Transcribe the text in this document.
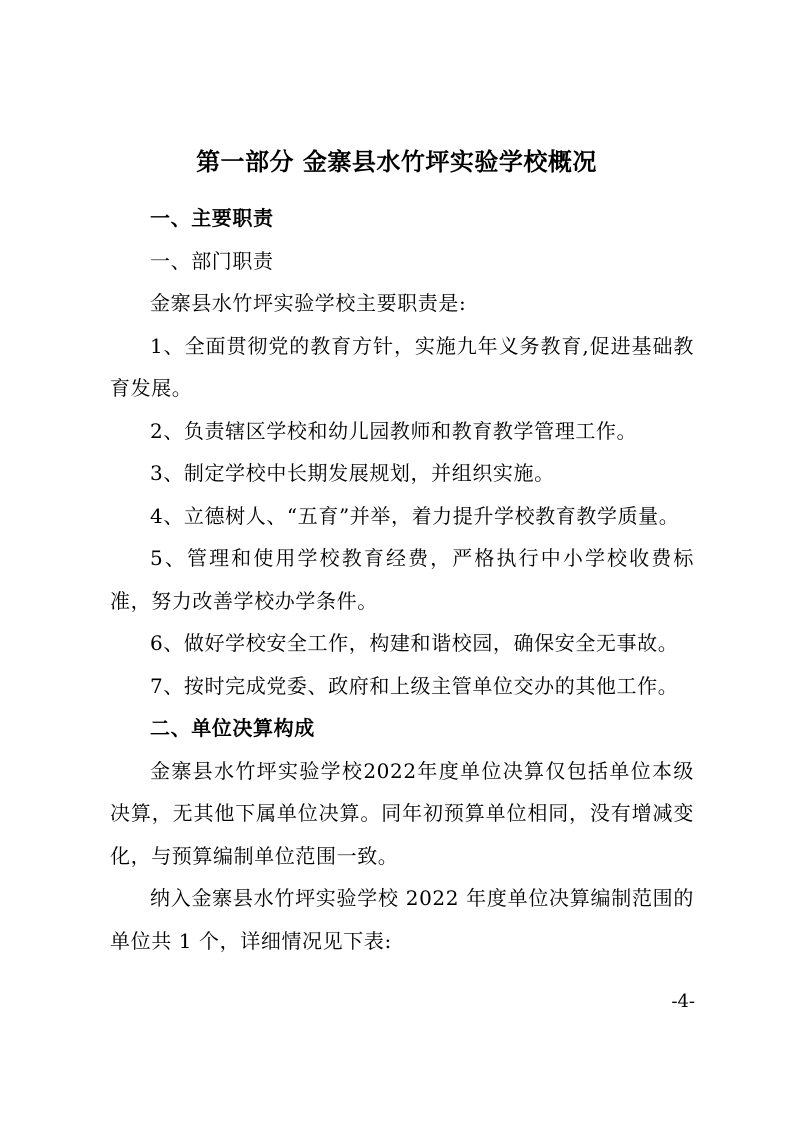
第一部分 金寨县水竹坪实验学校概况
一、主要职责

一、部门职责

金寨县水竹坪实验学校主要职责是:

1、全面贯彻党的教育方针，实施九年义务教育,促进基础教育发展。

2、负责辖区学校和幼儿园教师和教育教学管理工作。

3、制定学校中长期发展规划，并组织实施。

4、立德树人、“五育”并举，着力提升学校教育教学质量。

5、管理和使用学校教育经费，严格执行中小学校收费标准，努力改善学校办学条件。

6、做好学校安全工作，构建和谐校园，确保安全无事故。

7、按时完成党委、政府和上级主管单位交办的其他工作。

二、单位决算构成

金寨县水竹坪实验学校2022年度单位决算仅包括单位本级决算，无其他下属单位决算。同年初预算单位相同，没有增减变化，与预算编制单位范围一致。

纳入金寨县水竹坪实验学校 2022 年度单位决算编制范围的单位共 1 个，详细情况见下表:

-4-
